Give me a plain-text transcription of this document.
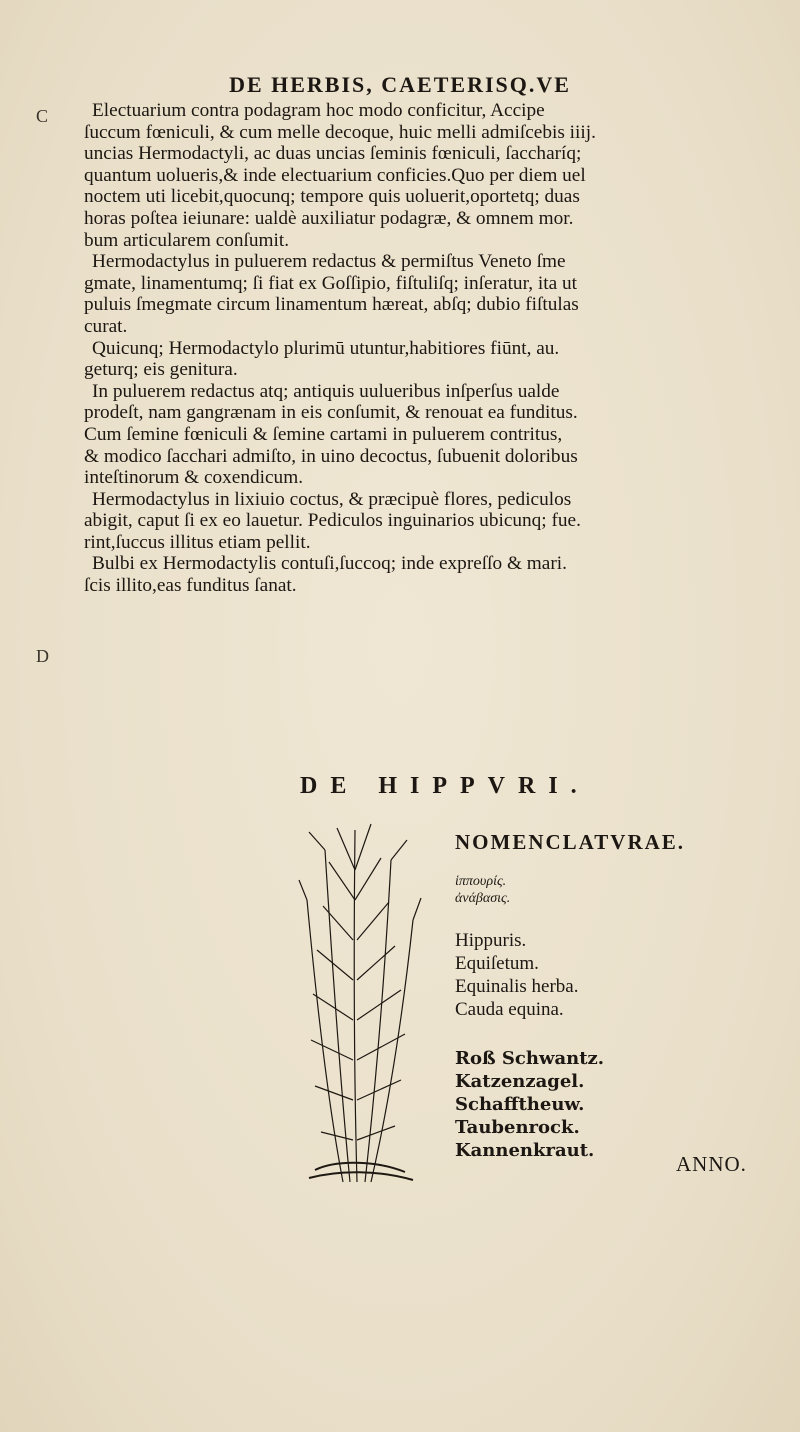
DE HERBIS, CAETERISQ.VE
C
D

Electuarium contra podagram hoc modo conficitur, Accipe
ſuccum fœniculi, & cum melle decoque, huic melli admiſcebis iiij.
uncias Hermodactyli, ac duas uncias ſeminis fœniculi, ſaccharíq;
quantum uolueris,& inde electuarium conficies.Quo per diem uel
noctem uti licebit,quocunq; tempore quis uoluerit,oportetq; duas
horas poſtea ieiunare: ualdè auxiliatur podagræ, & omnem mor.
bum articularem conſumit.

Hermodactylus in puluerem redactus & permiſtus Veneto ſme
gmate, linamentumq; ſi fiat ex Goſſipio, fiſtuliſq; inſeratur, ita ut
puluis ſmegmate circum linamentum hæreat, abſq; dubio fiſtulas
curat.

Quicunq; Hermodactylo plurimū utuntur,habitiores fiūnt, au.
geturq; eis genitura.

In puluerem redactus atq; antiquis uulueribus inſperſus ualde
prodeſt, nam gangrænam in eis conſumit, & renouat ea funditus.
Cum ſemine fœniculi & ſemine cartami in puluerem contritus,
& modico ſacchari admiſto, in uino decoctus, ſubuenit doloribus
inteſtinorum & coxendicum.

Hermodactylus in lixiuio coctus, & præcipuè flores, pediculos
abigit, caput ſi ex eo lauetur. Pediculos inguinarios ubicunq; fue.
rint,ſuccus illitus etiam pellit.

Bulbi ex Hermodactylis contuſi,ſuccoq; inde expreſſo & mari.
ſcis illito,eas funditus ſanat.

DE HIPPVRI.
NOMENCLATVRAE.
ἱππουρίς.
ἀνάβασις.
Hippuris.
Equiſetum.
Equinalis herba.
Cauda equina.
Roß Schwantz.
Katzenzagel.
Schafftheuw.
Taubenrock.
Kannenkraut.
ANNO.
